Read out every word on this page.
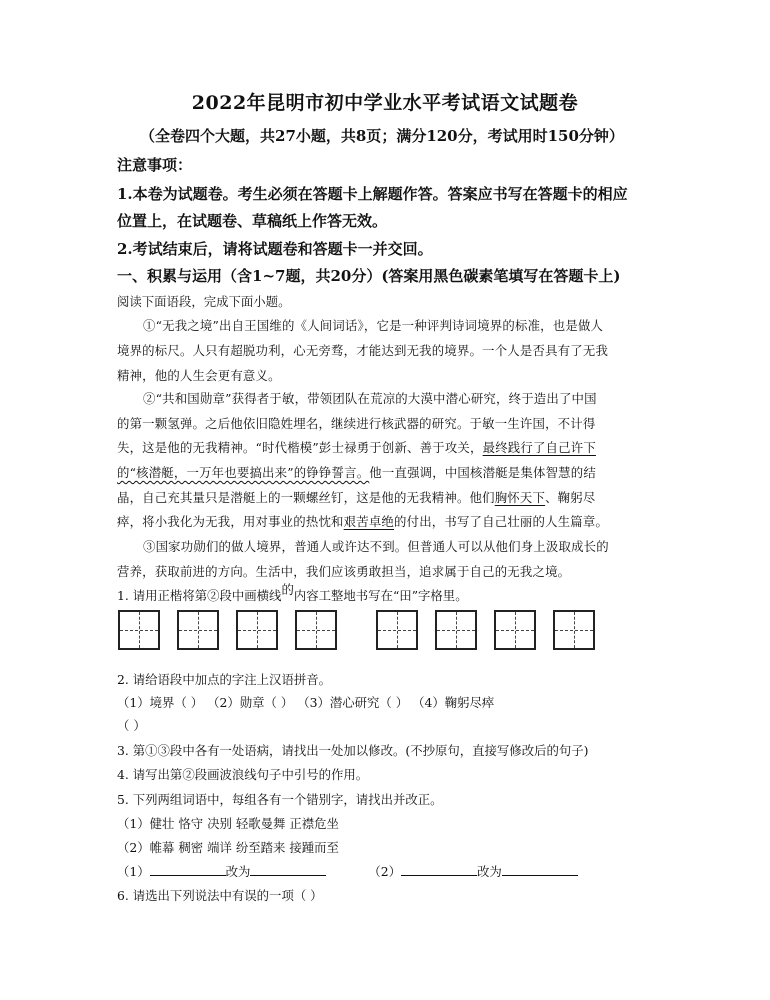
2022年昆明市初中学业水平考试语文试题卷
（全卷四个大题，共27小题，共8页；满分120分，考试用时150分钟）
注意事项：
1.本卷为试题卷。考生必须在答题卡上解题作答。答案应书写在答题卡的相应
位置上，在试题卷、草稿纸上作答无效。
2.考试结束后，请将试题卷和答题卡一并交回。
一、积累与运用（含1~7题，共20分）(答案用黑色碳素笔填写在答题卡上)
阅读下面语段，完成下面小题。
①“无我之境”出自王国维的《人间词话》，它是一种评判诗词境界的标准，也是做人
境界的标尺。人只有超脱功利，心无旁骛，才能达到无我的境界。一个人是否具有了无我
精神，他的人生会更有意义。
②“共和国勋章”获得者于敏，带领团队在荒凉的大漠中潜心研究，终于造出了中国
的第一颗氢弹。之后他依旧隐姓埋名，继续进行核武器的研究。于敏一生许国，不计得
失，这是他的无我精神。“时代楷模”彭士禄勇于创新、善于攻关，最终践行了自己许下
的“核潜艇，一万年也要搞出来”的铮铮誓言。他一直强调，中国核潜艇是集体智慧的结
晶，自己充其量只是潜艇上的一颗螺丝钉，这是他的无我精神。他们胸怀天下、鞠躬尽
瘁，将小我化为无我，用对事业的热忱和艰苦卓绝的付出，书写了自己壮丽的人生篇章。
③国家功勋们的做人境界，普通人或许达不到。但普通人可以从他们身上汲取成长的
营养，获取前进的方向。生活中，我们应该勇敢担当，追求属于自己的无我之境。
1. 请用正楷将第②段中画横线的内容工整地书写在“田”字格里。
2. 请给语段中加点的字注上汉语拼音。
（1）境界（ ） （2）勋章（ ） （3）潜心研究（ ） （4）鞠躬尽瘁
（ ）
3. 第①③段中各有一处语病，请找出一处加以修改。(不抄原句，直接写修改后的句子)
4. 请写出第②段画波浪线句子中引号的作用。
5. 下列两组词语中，每组各有一个错别字，请找出并改正。
（1）健壮 恪守 决别 轻歌曼舞 正襟危坐
（2）帷幕 稠密 端详 纷至踏来 接踵而至
（1）	改为	（2）	改为
6. 请选出下列说法中有误的一项（ ）
